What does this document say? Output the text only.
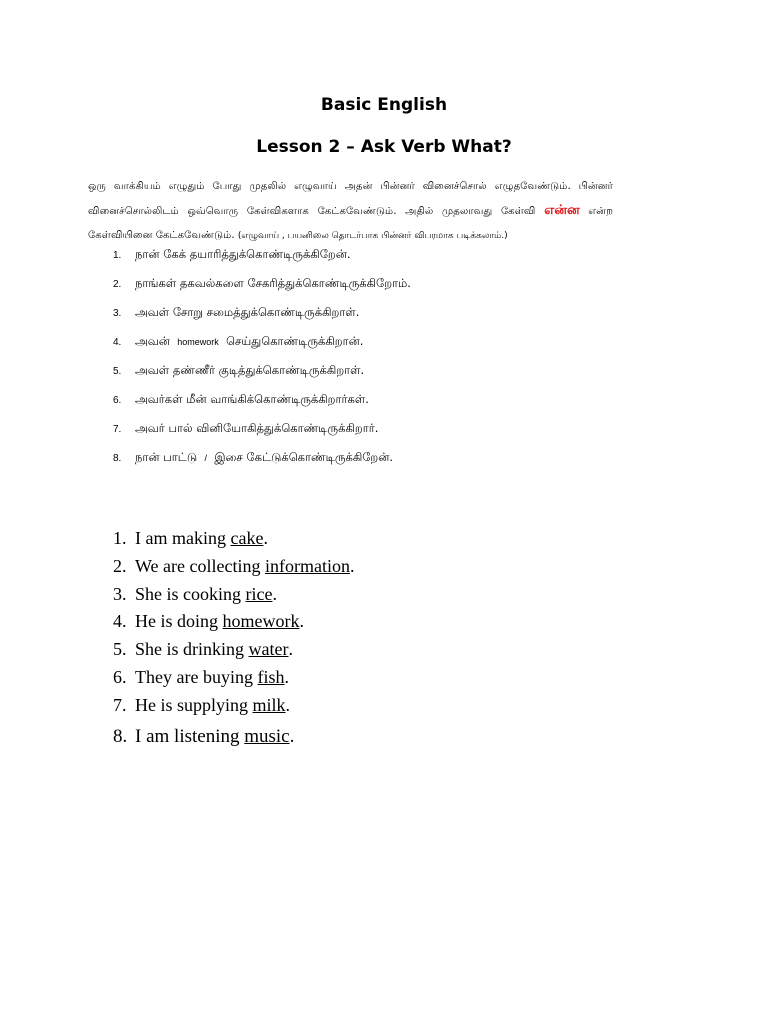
Basic English
Lesson 2 – Ask Verb What?
ஒரு வாக்கியம் எழுதும் போது முதலில் எழுவாய் அதன் பின்னர் வினைச்சொல் எழுதவேண்டும். பின்னர் வினைச்சொல்லிடம் ஒவ்வொரு கேள்விகளாக கேட்கவேண்டும். அதில் முதலாவது கேள்வி என்ன என்ற கேள்வியினை கேட்கவேண்டும். (எழுவாய் , பயனிலை தொடர்பாக பின்னர் விபரமாக படிக்கலாம்.)
1.	நான் கேக் தயாரித்துக்கொண்டிருக்கிறேன்.
2.	நாங்கள் தகவல்களை சேகரித்துக்கொண்டிருக்கிறோம்.
3.	அவள் சோறு சமைத்துக்கொண்டிருக்கிறாள்.
4.	அவன்
homework
செய்துகொண்டிருக்கிறான்.
5.	அவள் தண்ணீர் குடித்துக்கொண்டிருக்கிறாள்.
6.	அவர்கள் மீன் வாங்கிக்கொண்டிருக்கிறார்கள்.
7.	அவர் பால் வினியோகித்துக்கொண்டிருக்கிறார்.
8.	நான் பாட்டு
/
இசை கேட்டுக்கொண்டிருக்கிறேன்.
1. I am making cake .
2. We are collecting information .
3. She is cooking rice .
4. He is doing homework .
5. She is drinking water .
6. They are buying fish .
7. He is supplying milk .
8. I am listening music .
